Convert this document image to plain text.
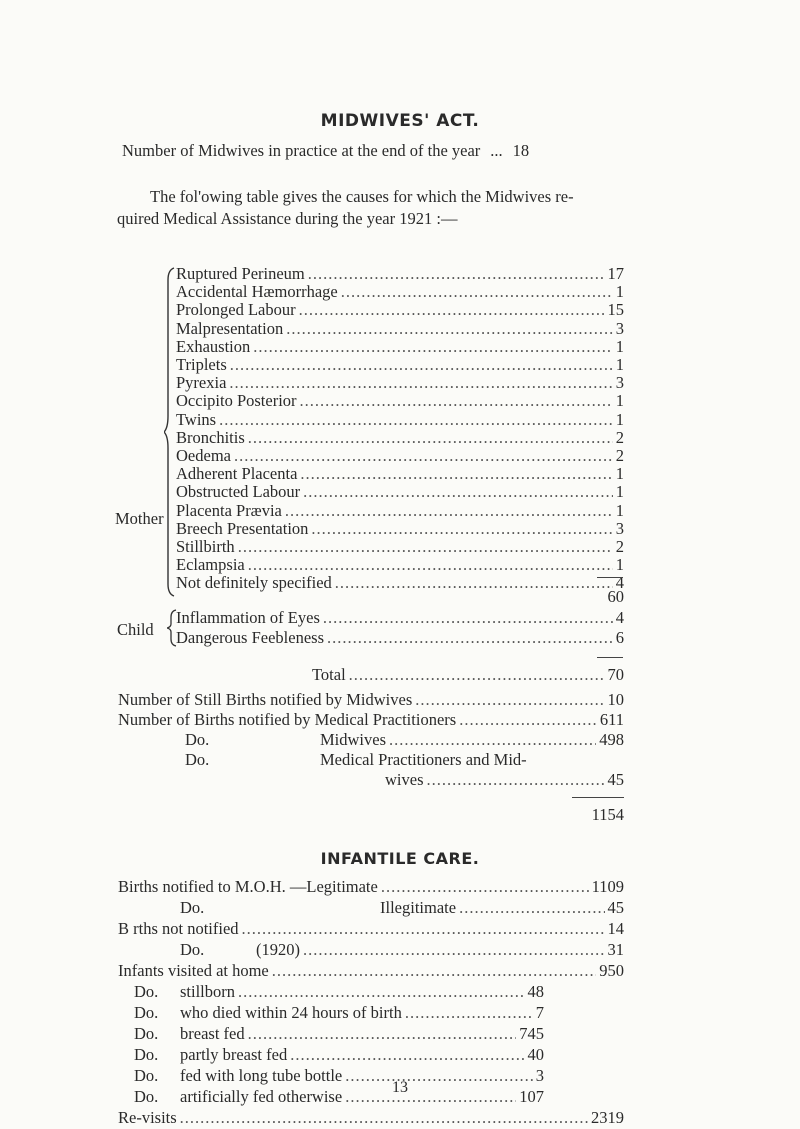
MIDWIVES' ACT.
Number of Midwives in practice at the end of the year ... 18
The fol'owing table gives the causes for which the Midwives re-
quired Medical Assistance during the year 1921 :—
Mother
Ruptured Perineum .....	17
Accidental Hæmorrhage .....	1
Prolonged Labour .....	15
Malpresentation .....	3
Exhaustion .....	1
Triplets .....	1
Pyrexia .....	3
Occipito Posterior .....	1
Twins .....	1
Bronchitis .....	2
Oedema .....	2
Adherent Placenta .....	1
Obstructed Labour .....	1
Placenta Prævia .....	1
Breech Presentation .....	3
Stillbirth .....	2
Eclampsia .....	1
Not definitely specified .....	4
60
Child
Inflammation of Eyes .....	4
Dangerous Feebleness .....	6
Total .....	70
Number of Still Births notified by Midwives .....	10
Number of Births notified by Medical Practitioners .....	611
Do.	Midwives .....	498
Do.	Medical Practitioners and Mid-
wives .....	45
1154
INFANTILE CARE.
Births notified to M.O.H. —Legitimate .....	1109
Do.	Illegitimate .....	45
B rths not notified .....	14
Do.	(1920) .....	31
Infants visited at home .....	950
Do. stillborn .....	48
Do. who died within 24 hours of birth .....	7
Do. breast fed .....	745
Do. partly breast fed .....	40
Do. fed with long tube bottle .....	3
Do. artificially fed otherwise .....	107
Re-visits .....	2319
13
